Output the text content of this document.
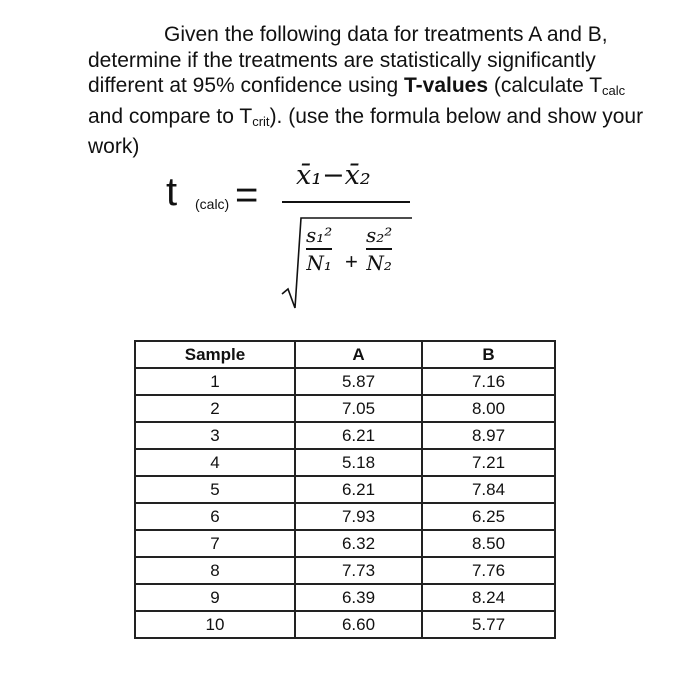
Given the following data for treatments A and B, determine if the treatments are statistically significantly different at 95% confidence using T-values (calculate $T_{calc}$ and compare to $T_{crit}$). (use the formula below and show your work)

t (calc) = x̄₁−x̄₂
s₁²
N₁ +
s₂²
N₂
Sample	A	B
1	5.87	7.16
2	7.05	8.00
3	6.21	8.97
4	5.18	7.21
5	6.21	7.84
6	7.93	6.25
7	6.32	8.50
8	7.73	7.76
9	6.39	8.24
10	6.60	5.77
